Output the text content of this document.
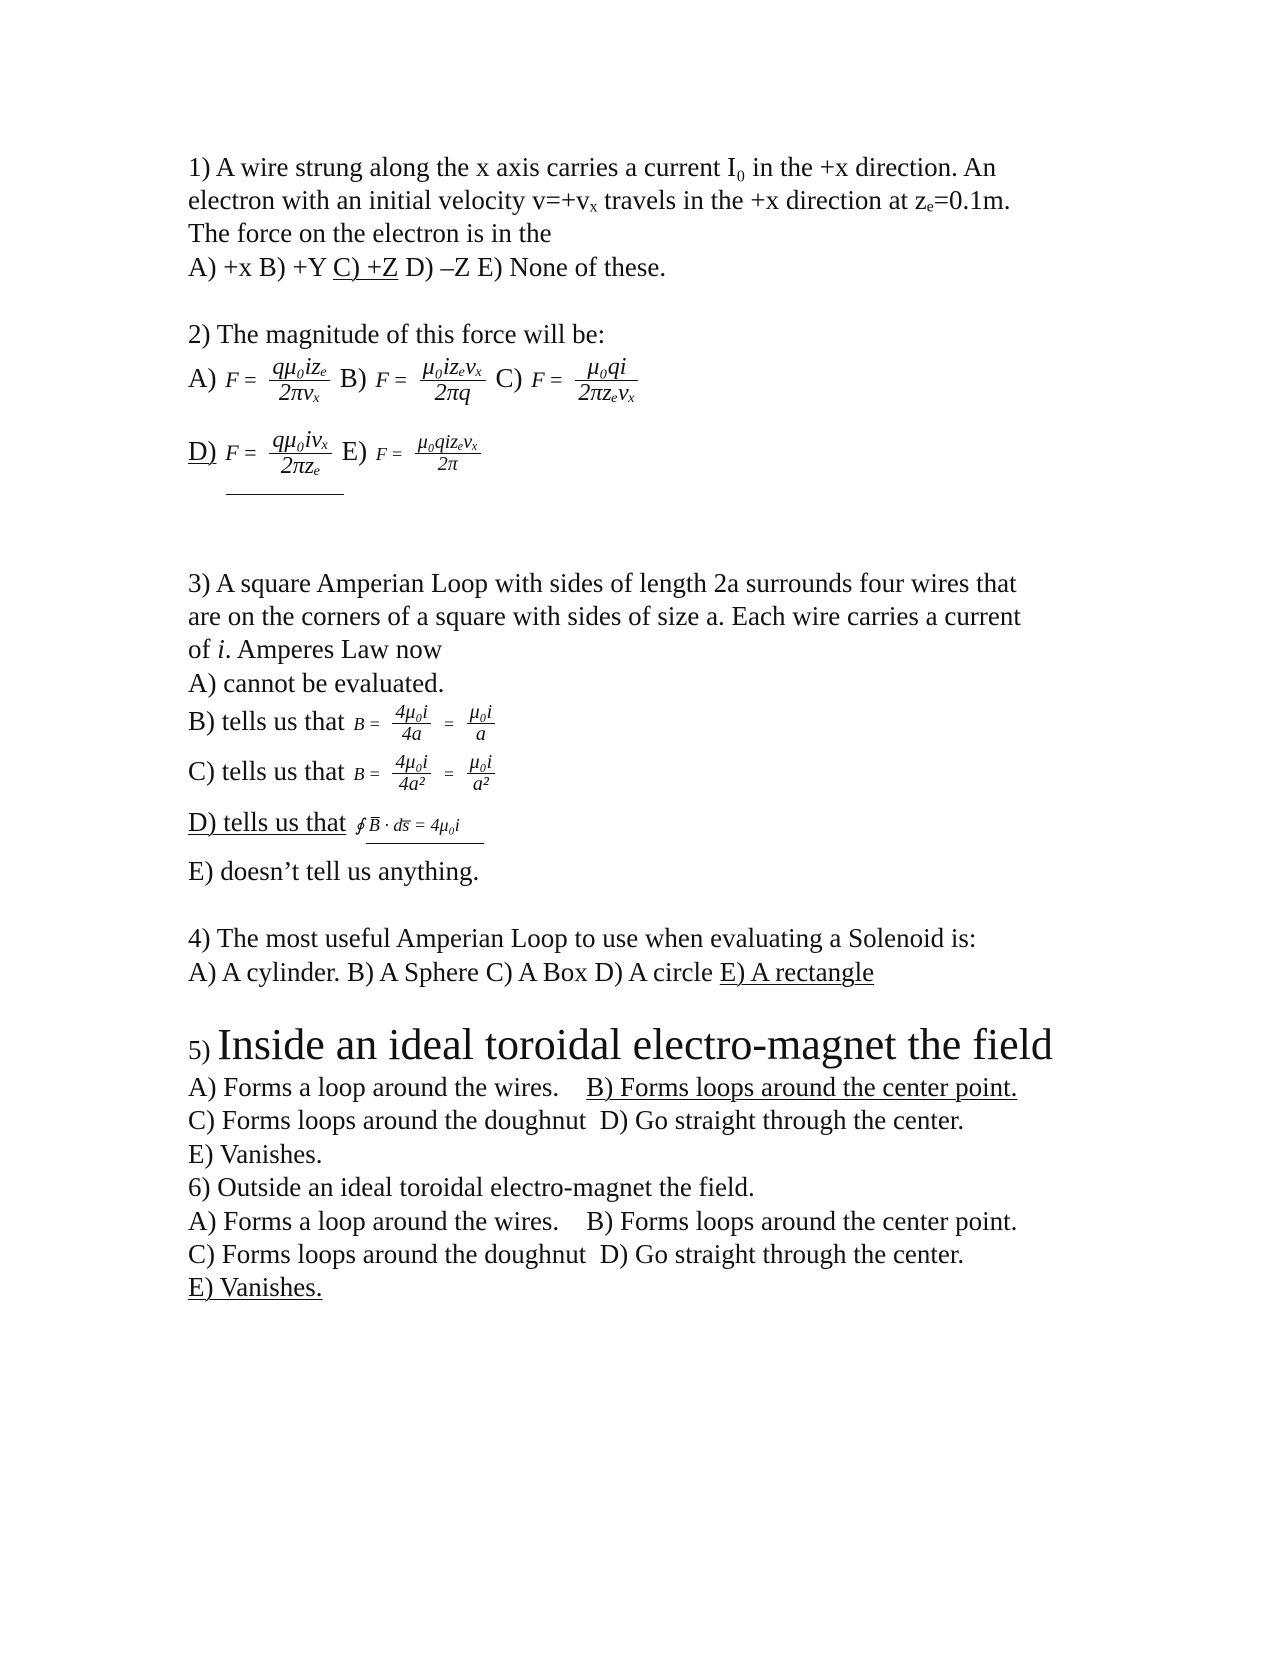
1) A wire strung along the x axis carries a current I₀ in the +x direction. An
electron with an initial velocity v=+vₓ travels in the +x direction at zₑ=0.1m.
The force on the electron is in the
A) +x B) +Y C) +Z D) –Z E) None of these.
2) The magnitude of this force will be:
A) $F = \frac{\text{qμ₀izₑ}}{\text{2πvₓ}} B$) $F = \frac{\text{μ₀izₑvₓ}}{2\pi q} C$) $F = \frac{\text{μ₀qi}}{\text{2πzₑvₓ}}$
D) $F = \frac{\text{qμ₀ivₓ}}{\text{2πzₑ}} E$) $F = \frac{\text{μ₀qizₑvₓ}}{2\pi}$
3) A square Amperian Loop with sides of length 2a surrounds four wires that
are on the corners of a square with sides of size a. Each wire carries a current
of i. Amperes Law now
A) cannot be evaluated.
B) tells us that $B = \frac{\text{4μ₀i}}{4a} = \frac{\text{μ₀i}}{a}$
C) tells us that $B = \frac{\text{4μ₀i}}{\text{4a²}} = \frac{\text{μ₀i}}{\text{a²}}$
D) tells us that ∮ B̅ · ds̅ = 4μ₀i
E) doesn’t tell us anything.
4) The most useful Amperian Loop to use when evaluating a Solenoid is:
A) A cylinder. B) A Sphere C) A Box D) A circle E) A rectangle
5) Inside an ideal toroidal electro-magnet the field
A) Forms a loop around the wires. B) Forms loops around the center point.
C) Forms loops around the doughnut D) Go straight through the center.
E) Vanishes.
6) Outside an ideal toroidal electro-magnet the field.
A) Forms a loop around the wires. B) Forms loops around the center point.
C) Forms loops around the doughnut D) Go straight through the center.
E) Vanishes.
